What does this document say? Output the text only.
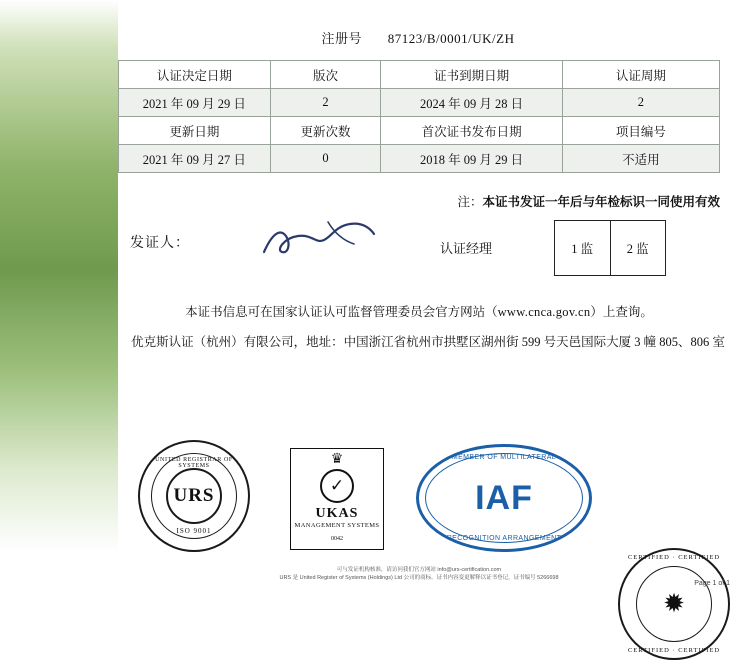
注册号 87123/B/0001/UK/ZH
认证决定日期	版次	证书到期日期	认证周期
2021 年 09 月 29 日	2	2024 年 09 月 28 日	2
更新日期	更新次数	首次证书发布日期	项目编号
2021 年 09 月 27 日	0	2018 年 09 月 29 日	不适用
注：本证书发证一年后与年检标识一同使用有效
发证人：	认证经理	1 监	2 监
本证书信息可在国家认证认可监督管理委员会官方网站（www.cnca.gov.cn）上查询。
优克斯认证（杭州）有限公司，地址：中国浙江省杭州市拱墅区湖州街 599 号天邑国际大厦 3 幢 805、806 室
UNITED REGISTRAR OF SYSTEMS
URS
ISO 9001
♛
✓
UKAS
MANAGEMENT SYSTEMS
0042
MEMBER OF MULTILATERAL
IAF
RECOGNITION ARRANGEMENT
CERTIFIED · CERTIFIED
✹
CERTIFIED · CERTIFIED
可与发证机构核准，请访问我们官方网站 info@urs-certification.com
URS 是 United Register of Systems (Holdings) Ltd 公司的商标。证书内容变更解释以证书登记，证书编号 5266698
Page 1 of 1
